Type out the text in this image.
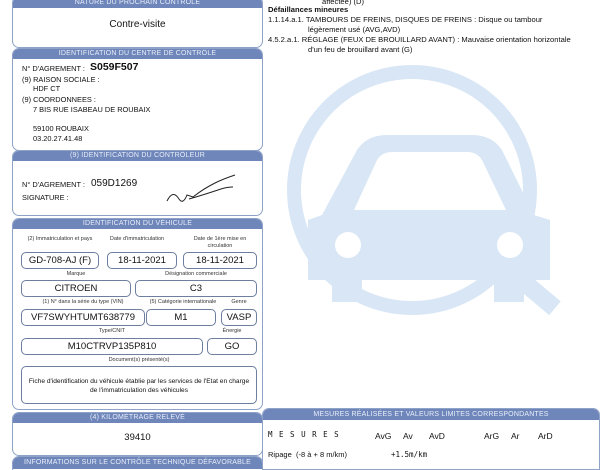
NATURE DU PROCHAIN CONTRÔLE
Contre-visite
IDENTIFICATION DU CENTRE DE CONTRÔLE
N° D'AGREMENT : S059F507
(9) RAISON SOCIALE :
HDF CT
(9) COORDONNEES :
7 BIS RUE ISABEAU DE ROUBAIX
59100 ROUBAIX
03.20.27.41.48
(9) IDENTIFICATION DU CONTRÔLEUR
N° D'AGREMENT : 059D1269
SIGNATURE :
IDENTIFICATION DU VÉHICULE
(2) Immatriculation et pays	Date d'immatriculation	Date de 1ère mise en
circulation
GD-708-AJ (F)	18-11-2021	18-11-2021
Marque	Désignation commerciale
CITROEN	C3
(1) N° dans la série du type (VIN)	(5) Catégorie internationale	Genre
VF7SWYHTUMT638779	M1	VASP
Type/CNIT	Énergie
M10CTRVP135P810	GO
Document(s) présenté(s)
Fiche d'identification du véhicule établie par les services de l'Etat en charge
de l'immatriculation des véhicules
(4) KILOMÉTRAGE RELEVÉ
39410
INFORMATIONS SUR LE CONTRÔLE TECHNIQUE DÉFAVORABLE
affectée) (D)
Défaillances mineures
1.1.14.a.1. TAMBOURS DE FREINS, DISQUES DE FREINS : Disque ou tambour
légèrement usé (AVG,AVD)
4.5.2.a.1. RÉGLAGE (FEUX DE BROUILLARD AVANT) : Mauvaise orientation horizontale
d'un feu de brouillard avant (G)
MESURES RÉALISÉES ET VALEURS LIMITES CORRESPONDANTES
M E S U R E S	AvG Av AvD	ArG Ar ArD
Ripage (-8 à + 8 m/km)	+1.5m/km
